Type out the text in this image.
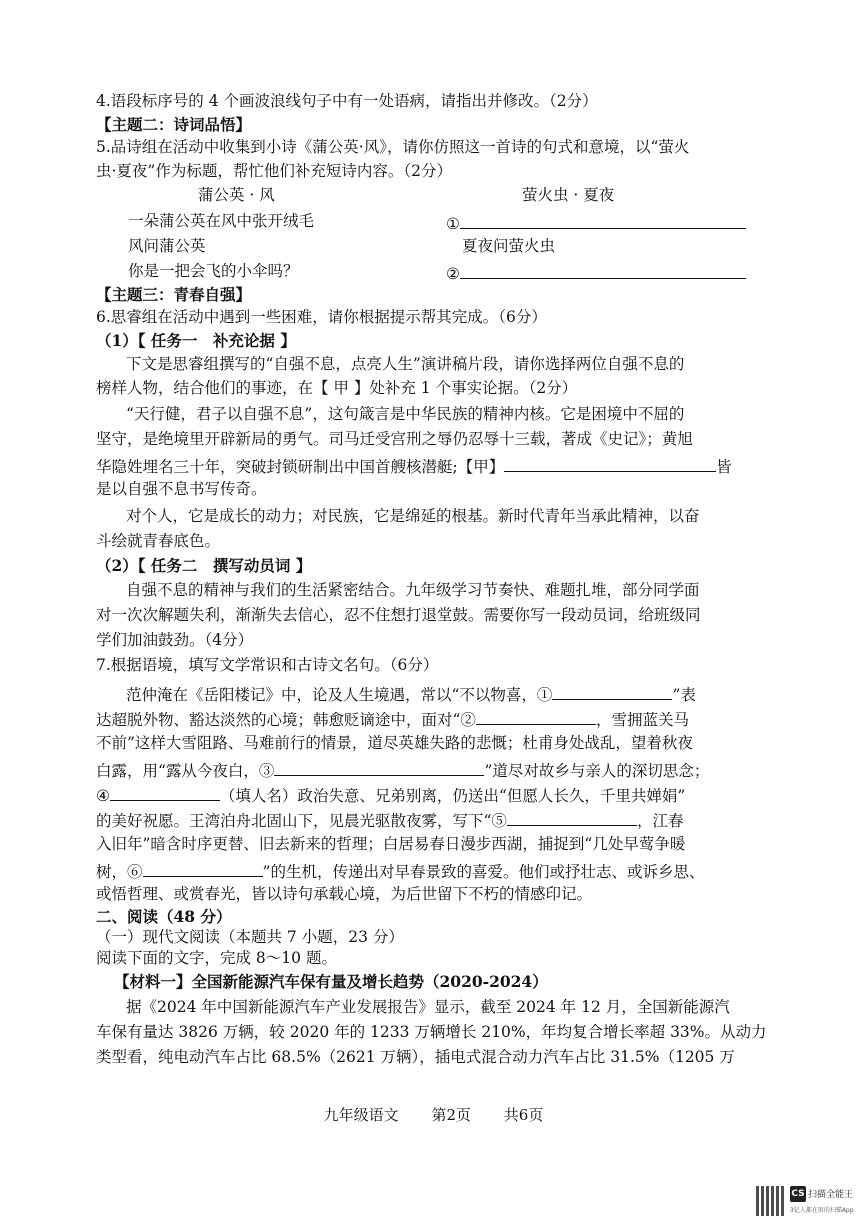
4.语段标序号的 4 个画波浪线句子中有一处语病，请指出并修改。（2分）
【主题二：诗词品悟】
5.品诗组在活动中收集到小诗《蒲公英·风》，请你仿照这一首诗的句式和意境，以“萤火
虫·夏夜”作为标题，帮忙他们补充短诗内容。（2分）
蒲公英 · 风	萤火虫 · 夏夜
一朵蒲公英在风中张开绒毛	①
风问蒲公英	夏夜问萤火虫
你是一把会飞的小伞吗？	②
【主题三：青春自强】
6.思睿组在活动中遇到一些困难，请你根据提示帮其完成。（6分）
（1）【 任务一　补充论据 】
下文是思睿组撰写的“自强不息，点亮人生”演讲稿片段，请你选择两位自强不息的
榜样人物，结合他们的事迹，在【 甲 】处补充 1 个事实论据。（2分）
“天行健，君子以自强不息”，这句箴言是中华民族的精神内核。它是困境中不屈的
坚守，是绝境里开辟新局的勇气。司马迁受宫刑之辱仍忍辱十三载，著成《史记》；黄旭
华隐姓埋名三十年，突破封锁研制出中国首艘核潜艇;【甲】	皆
是以自强不息书写传奇。
对个人，它是成长的动力；对民族，它是绵延的根基。新时代青年当承此精神，以奋
斗绘就青春底色。
（2）【 任务二　撰写动员词 】
自强不息的精神与我们的生活紧密结合。九年级学习节奏快、难题扎堆，部分同学面
对一次次解题失利，渐渐失去信心，忍不住想打退堂鼓。需要你写一段动员词，给班级同
学们加油鼓劲。（4分）
7.根据语境，填写文学常识和古诗文名句。（6分）
范仲淹在《岳阳楼记》中，论及人生境遇，常以“不以物喜，①	”表
达超脱外物、豁达淡然的心境；韩愈贬谪途中，面对“②	，雪拥蓝关马
不前”这样大雪阻路、马难前行的情景，道尽英雄失路的悲慨；杜甫身处战乱，望着秋夜
白露，用“露从今夜白，③	”道尽对故乡与亲人的深切思念；
④	（填人名）政治失意、兄弟别离，仍送出“但愿人长久，千里共婵娟”
的美好祝愿。王湾泊舟北固山下，见晨光驱散夜雾，写下“⑤	，江春
入旧年”暗含时序更替、旧去新来的哲理；白居易春日漫步西湖，捕捉到“几处早莺争暖
树，⑥	”的生机，传递出对早春景致的喜爱。他们或抒壮志、或诉乡思、
或悟哲理、或赏春光，皆以诗句承载心境，为后世留下不朽的情感印记。
二、阅读（48 分）
（一）现代文阅读（本题共 7 小题，23 分）
阅读下面的文字，完成 8～10 题。
【材料一】全国新能源汽车保有量及增长趋势（2020-2024）
据《2024 年中国新能源汽车产业发展报告》显示，截至 2024 年 12 月，全国新能源汽
车保有量达 3826 万辆，较 2020 年的 1233 万辆增长 210%，年均复合增长率超 33%。从动力
类型看，纯电动汽车占比 68.5%（2621 万辆），插电式混合动力汽车占比 31.5%（1205 万
九年级语文 第2页 共6页
CS 扫描全能王
3亿人都在用的扫描App
